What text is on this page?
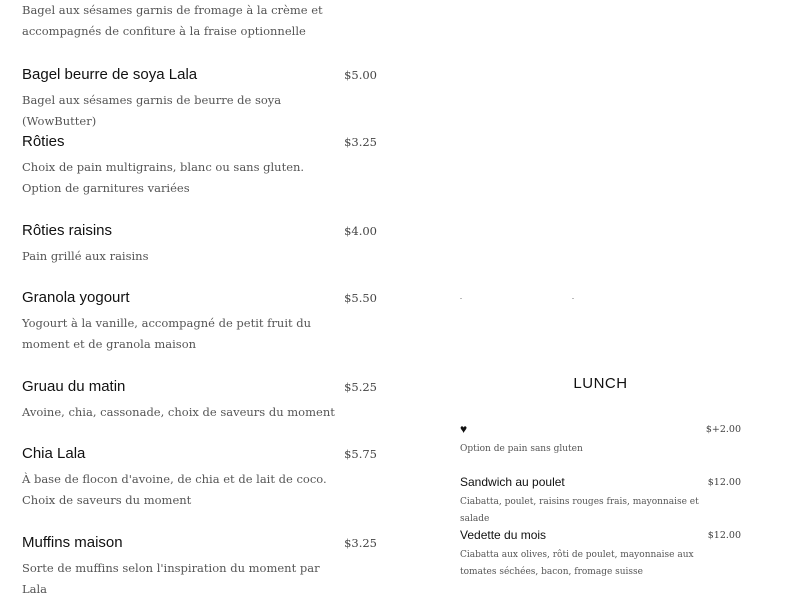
Bagel aux sésames garnis de fromage à la crème et accompagnés de confiture à la fraise optionnelle
Bagel beurre de soya Lala	$5.00
Bagel aux sésames garnis de beurre de soya (WowButter)
Rôties	$3.25
Choix de pain multigrains, blanc ou sans gluten. Option de garnitures variées
Rôties raisins	$4.00
Pain grillé aux raisins
Granola yogourt	$5.50
Yogourt à la vanille, accompagné de petit fruit du moment et de granola maison
Gruau du matin	$5.25
Avoine, chia, cassonade, choix de saveurs du moment
Chia Lala	$5.75
À base de flocon d'avoine, de chia et de lait de coco. Choix de saveurs du moment
Muffins maison	$3.25
Sorte de muffins selon l'inspiration du moment par Lala
LUNCH
♥	$+2.00
Option de pain sans gluten
Sandwich au poulet	$12.00
Ciabatta, poulet, raisins rouges frais, mayonnaise et salade
Vedette du mois	$12.00
Ciabatta aux olives, rôti de poulet, mayonnaise aux tomates séchées, bacon, fromage suisse
